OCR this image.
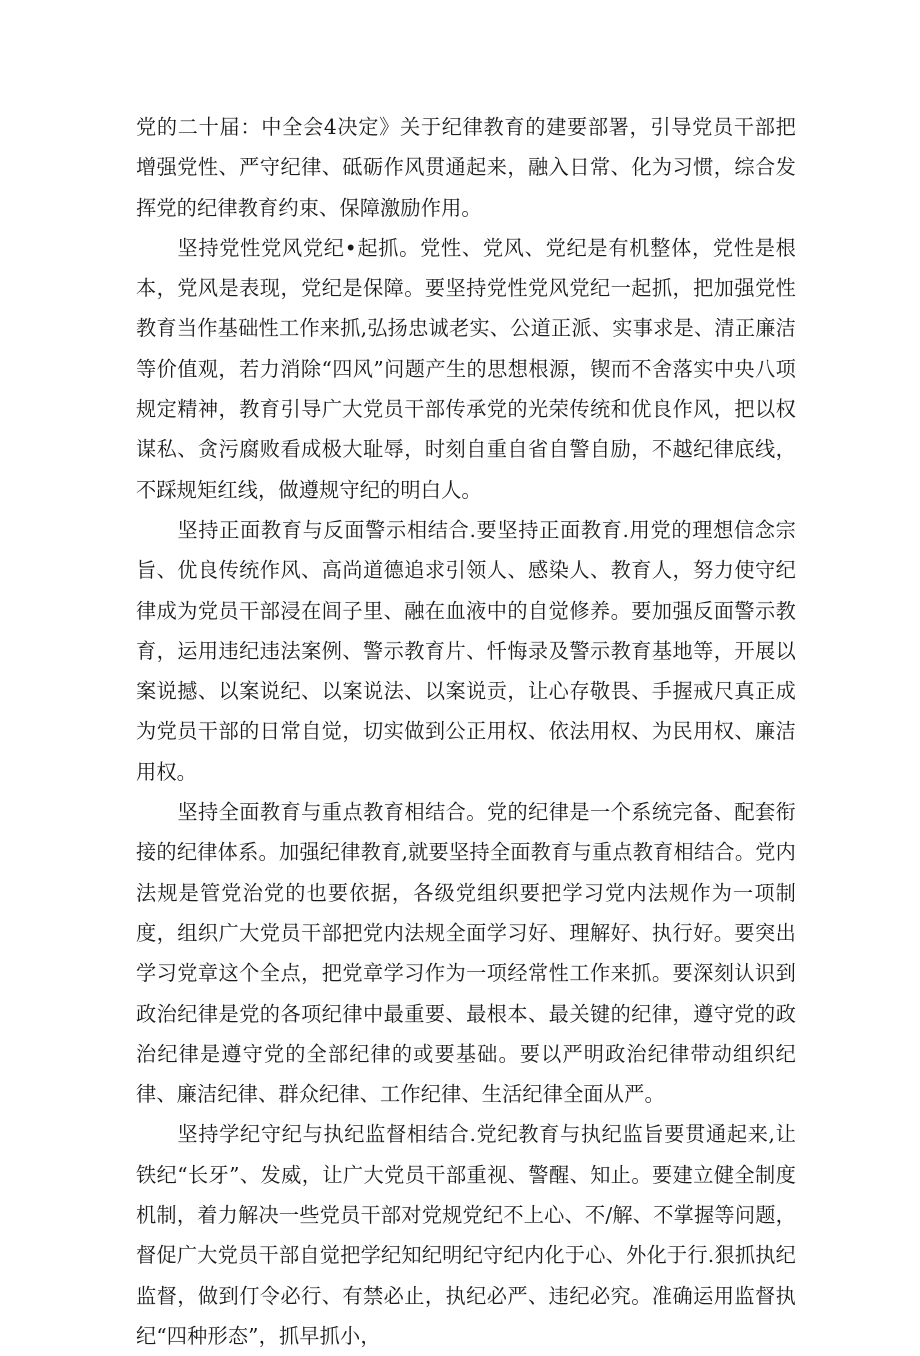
党的二十届：中全会4决定》关于纪律教育的建要部署，引导党员干部把增强党性、严守纪律、砥砺作风贯通起来，融入日常、化为习惯，综合发挥党的纪律教育约束、保障激励作用。

坚持党性党风党纪•起抓。党性、党风、党纪是有机整体，党性是根本，党风是表现，党纪是保障。要坚持党性党风党纪一起抓，把加强党性教育当作基础性工作来抓,弘扬忠诚老实、公道正派、实事求是、清正廉洁等价值观，若力消除“四风”问题产生的思想根源，锲而不舍落实中央八项规定精神，教育引导广大党员干部传承党的光荣传统和优良作风，把以权谋私、贪污腐败看成极大耻辱，时刻自重自省自警自励，不越纪律底线，不踩规矩红线，做遵规守纪的明白人。

坚持正面教育与反面警示相结合.要坚持正面教育.用党的理想信念宗旨、优良传统作风、高尚道德追求引领人、感染人、教育人，努力使守纪律成为党员干部浸在闾子里、融在血液中的自觉修养。要加强反面警示教育，运用违纪违法案例、警示教育片、忏悔录及警示教育基地等，开展以案说撼、以案说纪、以案说法、以案说贡，让心存敬畏、手握戒尺真正成为党员干部的日常自觉，切实做到公正用权、依法用权、为民用权、廉洁用权。

坚持全面教育与重点教育相结合。党的纪律是一个系统完备、配套衔接的纪律体系。加强纪律教育,就要坚持全面教育与重点教育相结合。党内法规是管党治党的也要依据，各级党组织要把学习党内法规作为一项制度，组织广大党员干部把党内法规全面学习好、理解好、执行好。要突出学习党章这个全点，把党章学习作为一项经常性工作来抓。要深刻认识到政治纪律是党的各项纪律中最重要、最根本、最关键的纪律，遵守党的政治纪律是遵守党的全部纪律的或要基础。要以严明政治纪律带动组织纪律、廉洁纪律、群众纪律、工作纪律、生活纪律全面从严。

坚持学纪守纪与执纪监督相结合.党纪教育与执纪监旨要贯通起来,让铁纪“长牙”、发威，让广大党员干部重视、警醒、知止。要建立健全制度机制，着力解决一些党员干部对党规党纪不上心、不/解、不掌握等问题，督促广大党员干部自觉把学纪知纪明纪守纪内化于心、外化于行.狠抓执纪监督，做到仃令必行、有禁必止，执纪必严、违纪必究。准确运用监督执纪“四种形态”，抓早抓小，
